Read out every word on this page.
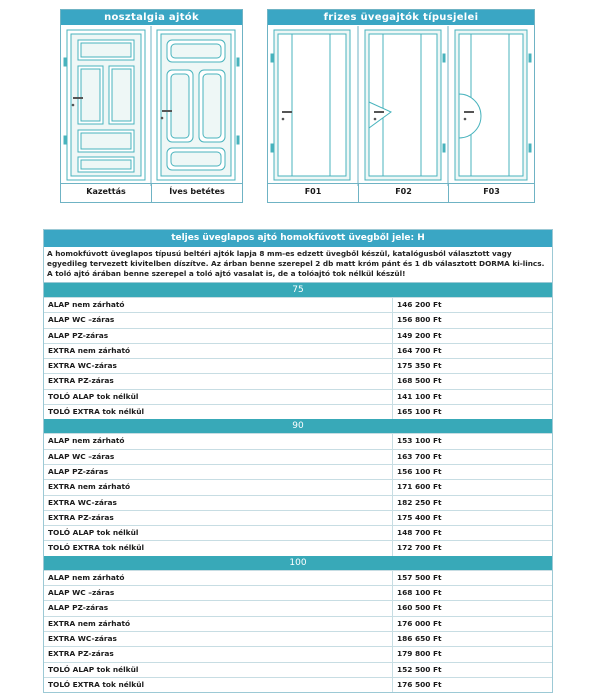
nosztalgia ajtók
Kazettás	Íves betétes
frizes üvegajtók típusjelei
F01	F02	F03
teljes üveglapos ajtó homokfúvott üvegből jele: H
A homokfúvott üveglapos típusú beltéri ajtók lapja 8 mm-es edzett üvegből készül, katalógusból választott vagy egyedileg tervezett kivitelben díszítve. Az árban benne szerepel 2 db matt króm pánt és 1 db választott DORMA ki-lincs. A toló ajtó árában benne szerepel a toló ajtó vasalat is, de a tolóajtó tok nélkül készül!
75
ALAP nem zárható	146 200 Ft
ALAP WC –záras	156 800 Ft
ALAP PZ-záras	149 200 Ft
EXTRA nem zárható	164 700 Ft
EXTRA WC-záras	175 350 Ft
EXTRA PZ-záras	168 500 Ft
TOLÓ ALAP tok nélkül	141 100 Ft
TOLÓ EXTRA tok nélkül	165 100 Ft
90
ALAP nem zárható	153 100 Ft
ALAP WC –záras	163 700 Ft
ALAP PZ-záras	156 100 Ft
EXTRA nem zárható	171 600 Ft
EXTRA WC-záras	182 250 Ft
EXTRA PZ-záras	175 400 Ft
TOLÓ ALAP tok nélkül	148 700 Ft
TOLÓ EXTRA tok nélkül	172 700 Ft
100
ALAP nem zárható	157 500 Ft
ALAP WC –záras	168 100 Ft
ALAP PZ-záras	160 500 Ft
EXTRA nem zárható	176 000 Ft
EXTRA WC-záras	186 650 Ft
EXTRA PZ-záras	179 800 Ft
TOLÓ ALAP tok nélkül	152 500 Ft
TOLÓ EXTRA tok nélkül	176 500 Ft
